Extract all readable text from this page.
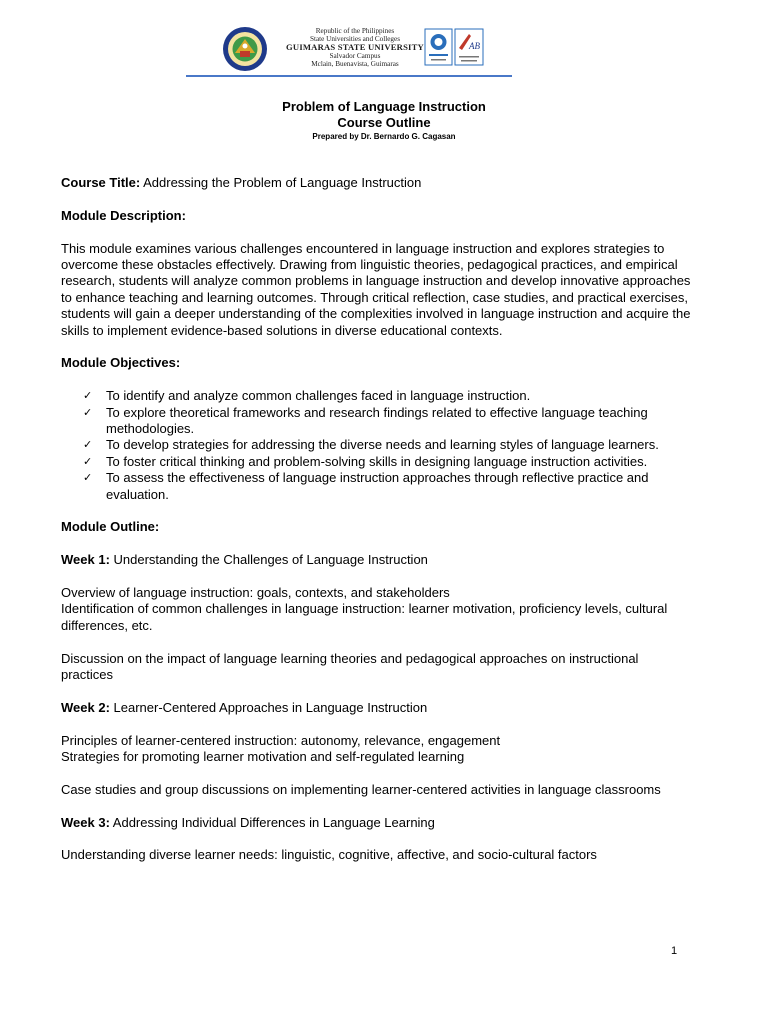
Republic of the Philippines
State Universities and Colleges
GUIMARAS STATE UNIVERSITY
Salvador Campus
Mclain, Buenavista, Guimaras
AB
Problem of Language Instruction
Course Outline
Prepared by Dr. Bernardo G. Cagasan

Course Title: Addressing the Problem of Language Instruction

Module Description:

This module examines various challenges encountered in language instruction and explores strategies to overcome these obstacles effectively. Drawing from linguistic theories, pedagogical practices, and empirical research, students will analyze common problems in language instruction and develop innovative approaches to enhance teaching and learning outcomes. Through critical reflection, case studies, and practical exercises, students will gain a deeper understanding of the complexities involved in language instruction and acquire the skills to implement evidence-based solutions in diverse educational contexts.

Module Objectives:

✓ To identify and analyze common challenges faced in language instruction.
✓ To explore theoretical frameworks and research findings related to effective language teaching methodologies.
✓ To develop strategies for addressing the diverse needs and learning styles of language learners.
✓ To foster critical thinking and problem-solving skills in designing language instruction activities.
✓ To assess the effectiveness of language instruction approaches through reflective practice and evaluation.

Module Outline:

Week 1: Understanding the Challenges of Language Instruction

Overview of language instruction: goals, contexts, and stakeholders

Identification of common challenges in language instruction: learner motivation, proficiency levels, cultural differences, etc.

Discussion on the impact of language learning theories and pedagogical approaches on instructional practices

Week 2: Learner-Centered Approaches in Language Instruction

Principles of learner-centered instruction: autonomy, relevance, engagement

Strategies for promoting learner motivation and self-regulated learning

Case studies and group discussions on implementing learner-centered activities in language classrooms

Week 3: Addressing Individual Differences in Language Learning

Understanding diverse learner needs: linguistic, cognitive, affective, and socio-cultural factors

1
